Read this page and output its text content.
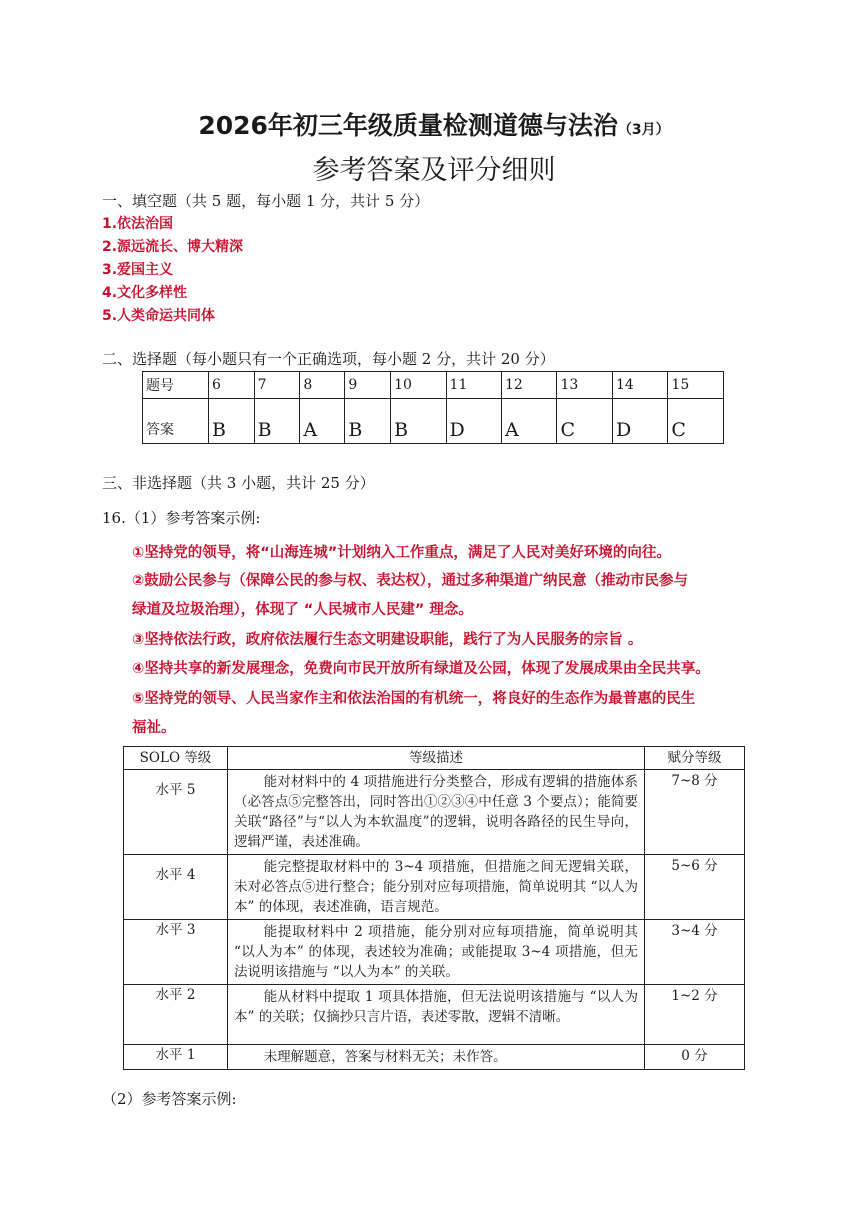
2026年初三年级质量检测道德与法治（3月）
参考答案及评分细则
一、填空题（共 5 题，每小题 1 分，共计 5 分）
1.依法治国
2.源远流长、博大精深
3.爱国主义
4.文化多样性
5.人类命运共同体
二、选择题（每小题只有一个正确选项，每小题 2 分，共计 20 分）
题号	6	7	8	9	10	11	12	13	14	15
答案	B	B	A	B	B	D	A	C	D	C
三、非选择题（共 3 小题，共计 25 分）
16.（1）参考答案示例:
①坚持党的领导，将“山海连城”计划纳入工作重点，满足了人民对美好环境的向往。
②鼓励公民参与（保障公民的参与权、表达权），通过多种渠道广纳民意（推动市民参与
绿道及垃圾治理），体现了 “人民城市人民建” 理念。
③坚持依法行政，政府依法履行生态文明建设职能，践行了为人民服务的宗旨 。
④坚持共享的新发展理念，免费向市民开放所有绿道及公园，体现了发展成果由全民共享。
⑤坚持党的领导、人民当家作主和依法治国的有机统一，将良好的生态作为最普惠的民生
福祉。
SOLO 等级	等级描述	赋分等级
水平 5	能对材料中的 4 项措施进行分类整合，形成有逻辑的措施体系（必答点⑤完整答出，同时答出①②③④中任意 3 个要点）；能简要关联“路径”与“以人为本软温度”的逻辑，说明各路径的民生导向，逻辑严谨，表述准确。	7~8 分
水平 4	能完整提取材料中的 3~4 项措施，但措施之间无逻辑关联，未对必答点⑤进行整合；能分别对应每项措施，简单说明其 “以人为本” 的体现，表述准确，语言规范。	5~6 分
水平 3	能提取材料中 2 项措施，能分别对应每项措施，简单说明其 “以人为本” 的体现，表述较为准确；或能提取 3~4 项措施，但无法说明该措施与 “以人为本” 的关联。	3~4 分
水平 2	能从材料中提取 1 项具体措施，但无法说明该措施与 “以人为本” 的关联；仅摘抄只言片语，表述零散，逻辑不清晰。	1~2 分
水平 1	未理解题意，答案与材料无关；未作答。	0 分
（2）参考答案示例:
